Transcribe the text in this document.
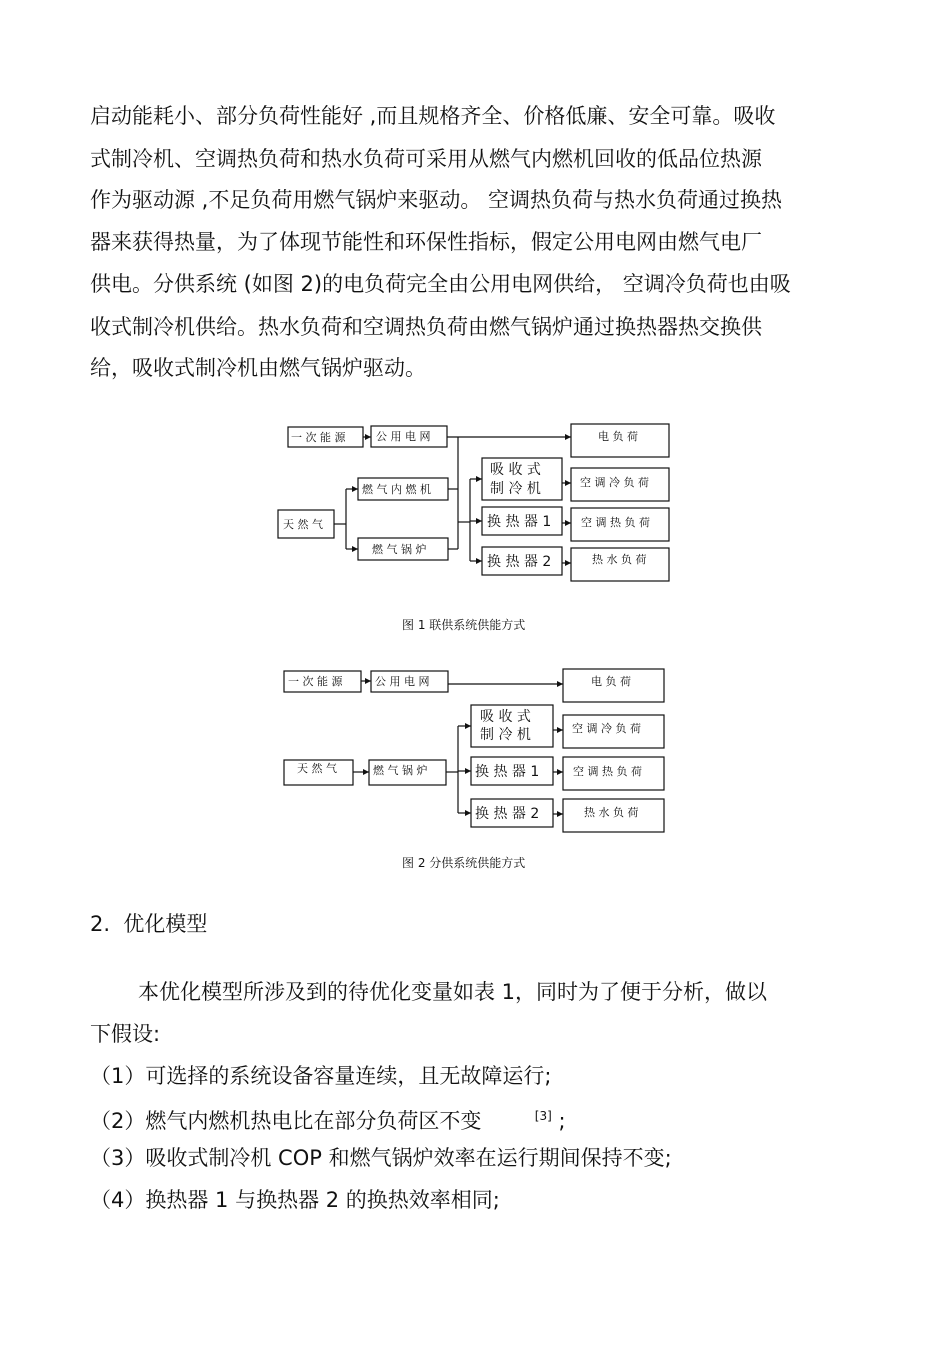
启动能耗小、部分负荷性能好 ,而且规格齐全、价格低廉、安全可靠。吸收
式制冷机、空调热负荷和热水负荷可采用从燃气内燃机回收的低品位热源
作为驱动源 ,不足负荷用燃气锅炉来驱动。 空调热负荷与热水负荷通过换热
器来获得热量，为了体现节能性和环保性指标，假定公用电网由燃气电厂
供电。分供系统 (如图 2)的电负荷完全由公用电网供给， 空调冷负荷也由吸
收式制冷机供给。热水负荷和空调热负荷由燃气锅炉通过换热器热交换供
给，吸收式制冷机由燃气锅炉驱动。
一 次 能 源	公 用 电 网	电 负 荷
天 然 气
燃 气 内 燃 机
燃 气 锅 炉
吸 收 式
制 冷 机
换 热 器 1
换 热 器 2
空 调 冷 负 荷
空 调 热 负 荷
热 水 负 荷
图 1 联供系统供能方式
一 次 能 源	公 用 电 网	电 负 荷
天 然 气	燃 气 锅 炉
吸 收 式
制 冷 机
换 热 器 1
换 热 器 2
空 调 冷 负 荷
空 调 热 负 荷
热 水 负 荷
图 2 分供系统供能方式
2.  优化模型
本优化模型所涉及到的待优化变量如表 1，同时为了便于分析，做以
下假设:
（1）可选择的系统设备容量连续，且无故障运行;
（2）燃气内燃机热电比在部分负荷区不变	[3] ;
（3）吸收式制冷机 COP 和燃气锅炉效率在运行期间保持不变;
（4）换热器 1 与换热器 2 的换热效率相同;
